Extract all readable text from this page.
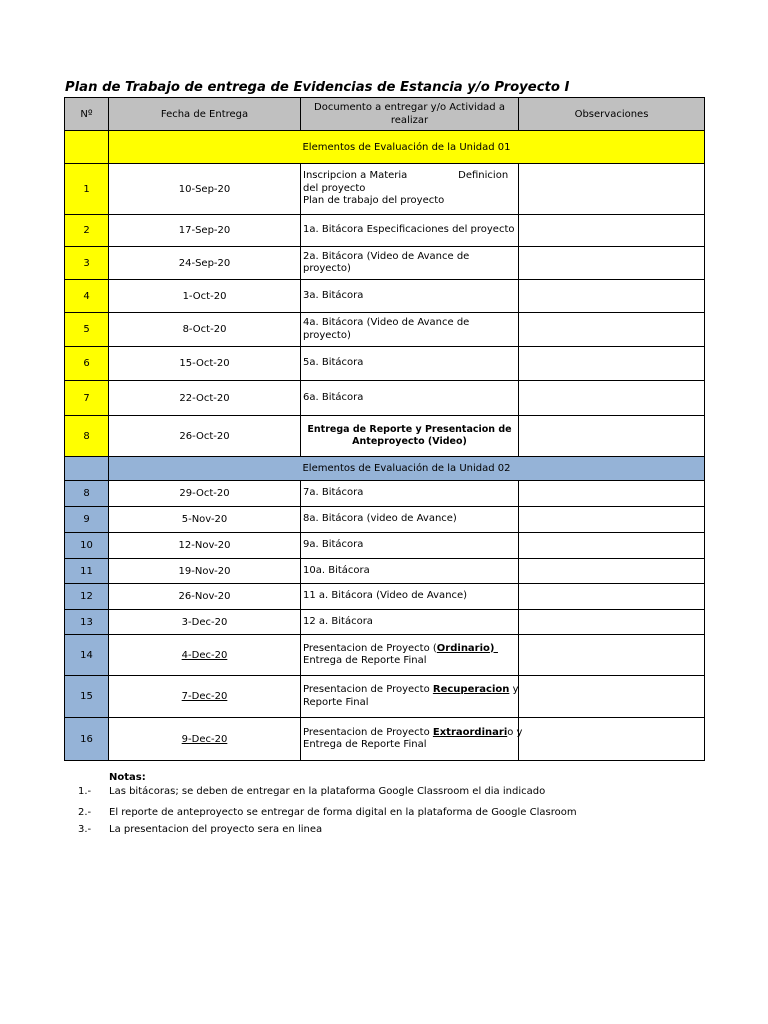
Plan de Trabajo de entrega de Evidencias de Estancia y/o Proyecto I
Nº	Fecha de Entrega	Documento a entregar y/o Actividad a realizar	Observaciones
	Elementos de Evaluación de la Unidad 01		
1	10-Sep-20	Inscripcion a Materia                Definicion
del proyecto
Plan de trabajo del proyecto	

2	17-Sep-20	1a. Bitácora Especificaciones del proyecto	
3	24-Sep-20	2a. Bitácora (Video de Avance de
proyecto)	

4	1-Oct-20	3a. Bitácora	
5	8-Oct-20	4a. Bitácora (Video de Avance de
proyecto)	

6	15-Oct-20	5a. Bitácora	
7	22-Oct-20	6a. Bitácora	
8	26-Oct-20	Entrega de Reporte y Presentacion de
Anteproyecto (Video)	

	Elementos de Evaluación de la Unidad 02		
8	29-Oct-20	7a. Bitácora	
9	5-Nov-20	8a. Bitácora (video de Avance)	
10	12-Nov-20	9a. Bitácora	
11	19-Nov-20	10a. Bitácora	
12	26-Nov-20	11 a. Bitácora (Video de Avance)	
13	3-Dec-20	12 a. Bitácora	
14	4-Dec-20	Presentacion de Proyecto (Ordinario)
Entrega de Reporte Final	

15	7-Dec-20	Presentacion de Proyecto Recuperacion y
Reporte Final	

16	9-Dec-20	Presentacion de Proyecto Extraordinario y
Entrega de Reporte Final	

Notas:
1.- Las bitácoras; se deben de entregar en la plataforma Google Classroom el dia indicado
2.- El reporte de anteproyecto se entregar de forma digital en la plataforma de Google Clasroom
3.- La presentacion del proyecto sera en linea
